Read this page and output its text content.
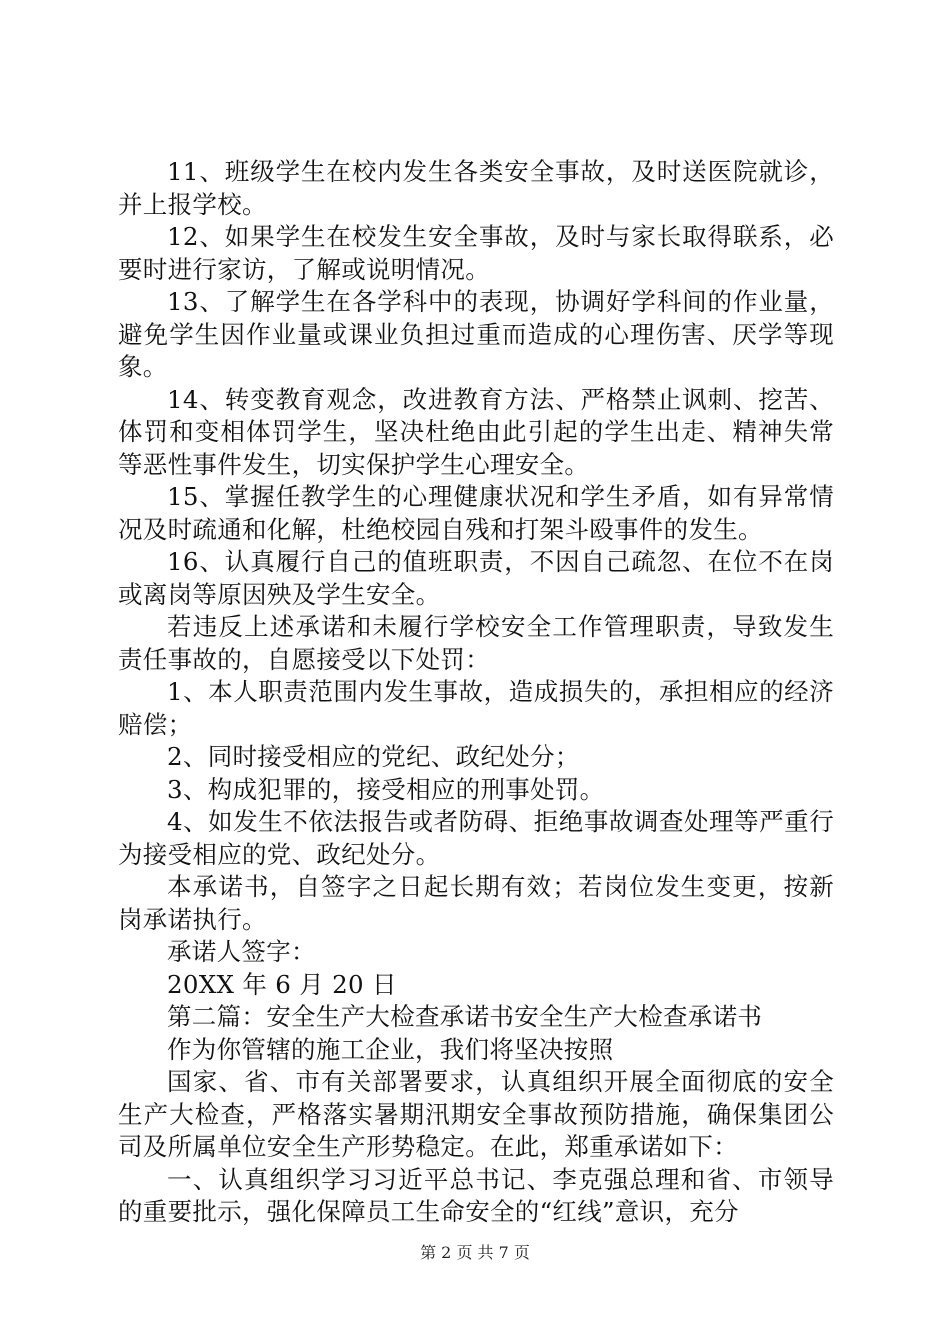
11、班级学生在校内发生各类安全事故，及时送医院就诊，并上报学校。

12、如果学生在校发生安全事故，及时与家长取得联系，必要时进行家访，了解或说明情况。

13、了解学生在各学科中的表现，协调好学科间的作业量，避免学生因作业量或课业负担过重而造成的心理伤害、厌学等现象。

14、转变教育观念，改进教育方法、严格禁止讽刺、挖苦、体罚和变相体罚学生，坚决杜绝由此引起的学生出走、精神失常等恶性事件发生，切实保护学生心理安全。

15、掌握任教学生的心理健康状况和学生矛盾，如有异常情况及时疏通和化解，杜绝校园自残和打架斗殴事件的发生。

16、认真履行自己的值班职责，不因自己疏忽、在位不在岗或离岗等原因殃及学生安全。

若违反上述承诺和未履行学校安全工作管理职责，导致发生责任事故的，自愿接受以下处罚：

1、本人职责范围内发生事故，造成损失的，承担相应的经济赔偿；

2、同时接受相应的党纪、政纪处分；

3、构成犯罪的，接受相应的刑事处罚。

4、如发生不依法报告或者防碍、拒绝事故调查处理等严重行为接受相应的党、政纪处分。

本承诺书，自签字之日起长期有效；若岗位发生变更，按新岗承诺执行。

承诺人签字：

20XX 年 6 月 20 日

第二篇：安全生产大检查承诺书安全生产大检查承诺书

作为你管辖的施工企业，我们将坚决按照

国家、省、市有关部署要求，认真组织开展全面彻底的安全生产大检查，严格落实暑期汛期安全事故预防措施，确保集团公司及所属单位安全生产形势稳定。在此，郑重承诺如下：

一、认真组织学习习近平总书记、李克强总理和省、市领导的重要批示，强化保障员工生命安全的“红线”意识，充分

第 2 页 共 7 页
